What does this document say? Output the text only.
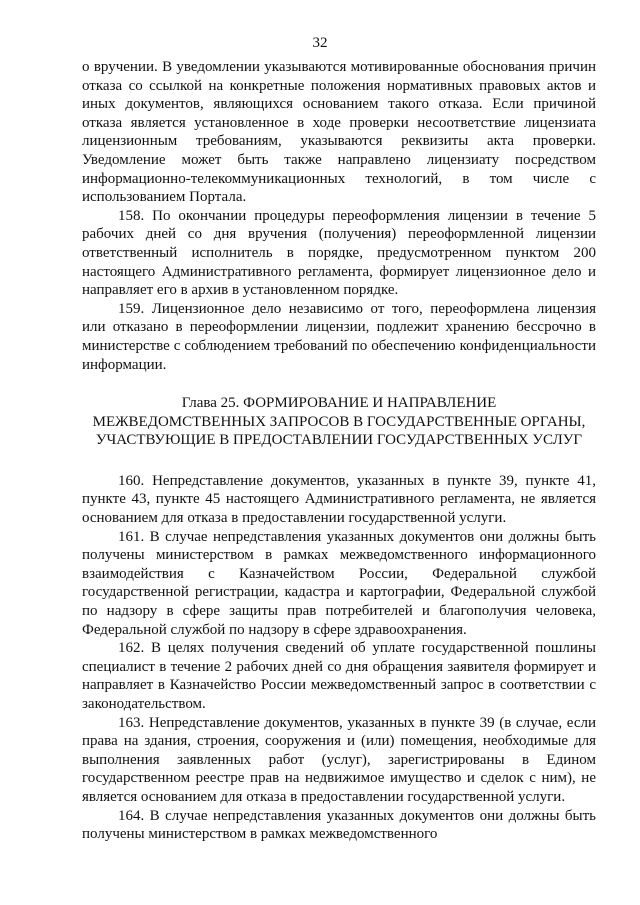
32

о вручении. В уведомлении указываются мотивированные обоснования причин отказа со ссылкой на конкретные положения нормативных правовых актов и иных документов, являющихся основанием такого отказа. Если причиной отказа является установленное в ходе проверки несоответствие лицензиата лицензионным требованиям, указываются реквизиты акта проверки. Уведомление может быть также направлено лицензиату посредством информационно-телекоммуникационных технологий, в том числе с использованием Портала.

158. По окончании процедуры переоформления лицензии в течение 5 рабочих дней со дня вручения (получения) переоформленной лицензии ответственный исполнитель в порядке, предусмотренном пунктом 200 настоящего Административного регламента, формирует лицензионное дело и направляет его в архив в установленном порядке.

159. Лицензионное дело независимо от того, переоформлена лицензия или отказано в переоформлении лицензии, подлежит хранению бессрочно в министерстве с соблюдением требований по обеспечению конфиденциальности информации.

Глава 25. ФОРМИРОВАНИЕ И НАПРАВЛЕНИЕ
МЕЖВЕДОМСТВЕННЫХ ЗАПРОСОВ В ГОСУДАРСТВЕННЫЕ ОРГАНЫ,
УЧАСТВУЮЩИЕ В ПРЕДОСТАВЛЕНИИ ГОСУДАРСТВЕННЫХ УСЛУГ

160. Непредставление документов, указанных в пункте 39, пункте 41, пункте 43, пункте 45 настоящего Административного регламента, не является основанием для отказа в предоставлении государственной услуги.

161. В случае непредставления указанных документов они должны быть получены министерством в рамках межведомственного информационного взаимодействия с Казначейством России, Федеральной службой государственной регистрации, кадастра и картографии, Федеральной службой по надзору в сфере защиты прав потребителей и благополучия человека, Федеральной службой по надзору в сфере здравоохранения.

162. В целях получения сведений об уплате государственной пошлины специалист в течение 2 рабочих дней со дня обращения заявителя формирует и направляет в Казначейство России межведомственный запрос в соответствии с законодательством.

163. Непредставление документов, указанных в пункте 39 (в случае, если права на здания, строения, сооружения и (или) помещения, необходимые для выполнения заявленных работ (услуг), зарегистрированы в Едином государственном реестре прав на недвижимое имущество и сделок с ним), не является основанием для отказа в предоставлении государственной услуги.

164. В случае непредставления указанных документов они должны быть получены министерством в рамках межведомственного
